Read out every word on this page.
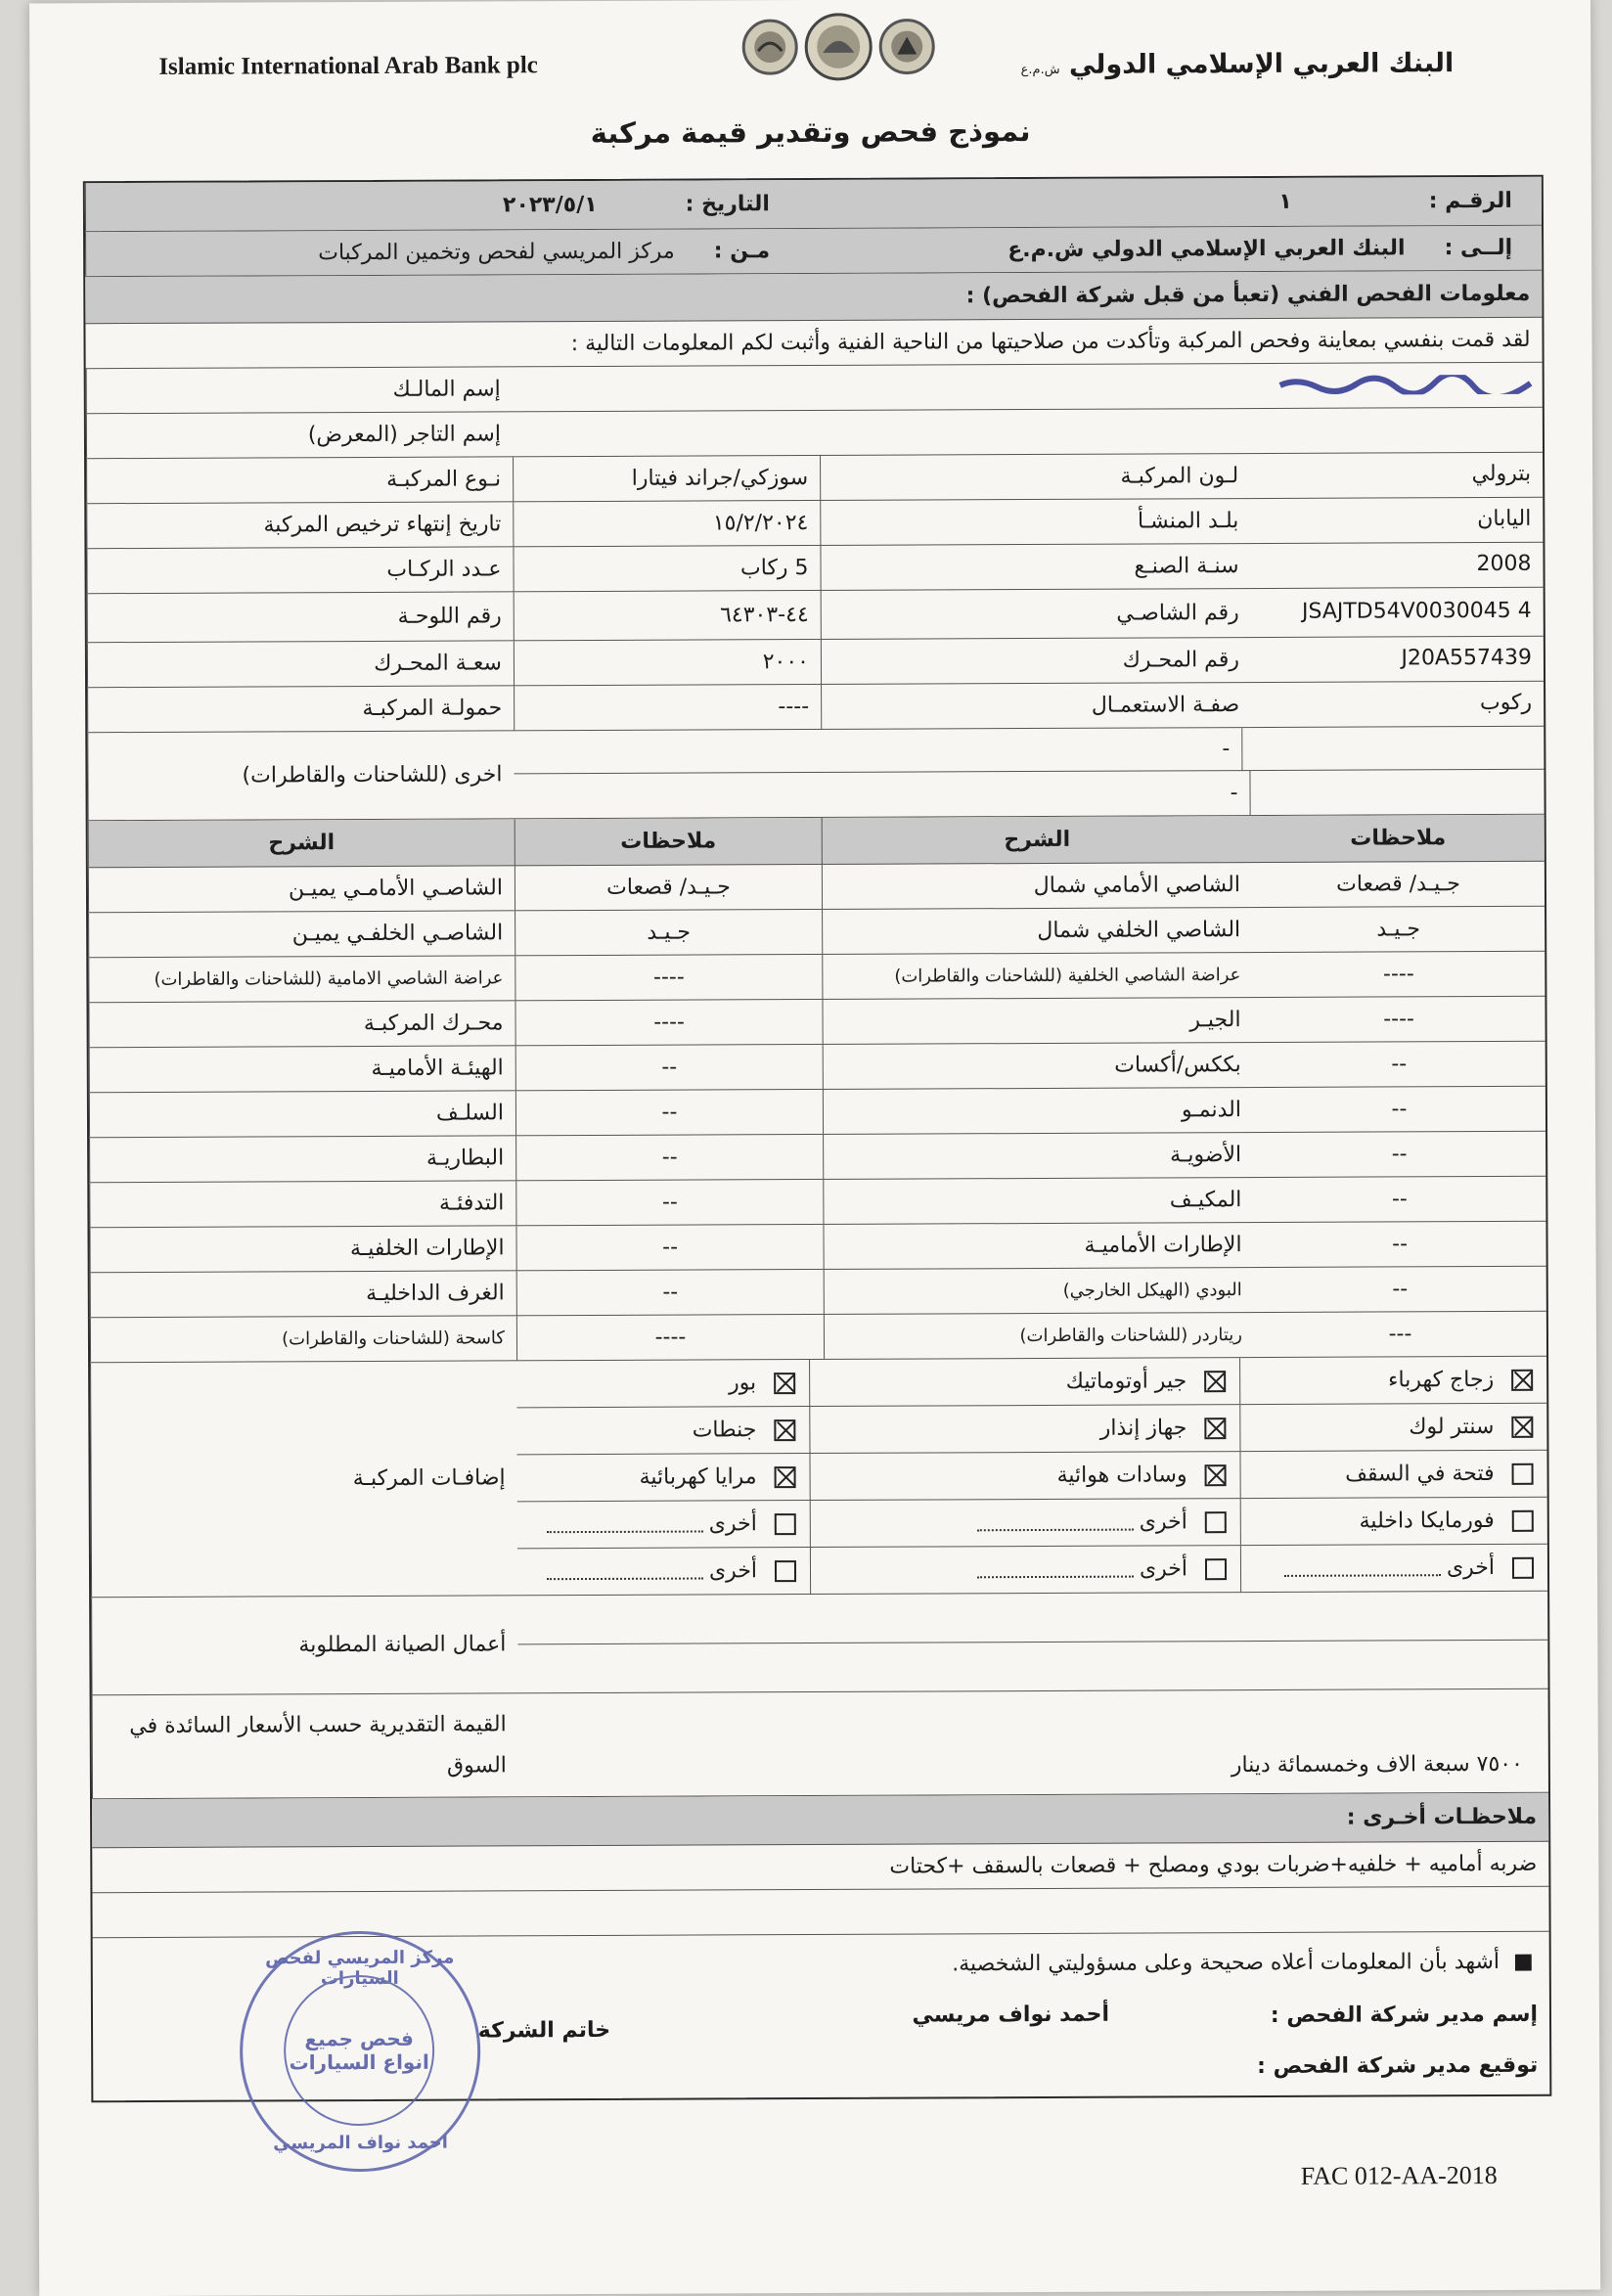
Islamic International Arab Bank plc	البنك العربي الإسلامي الدولي ش.م.ع
نموذج فحص وتقدير قيمة مركبة
التاريخ :
٢٠٢٣/٥/١	الرقـم :
١
مـن :
مركز المريسي لفحص وتخمين المركبات	إلــى :
البنك العربي الإسلامي الدولي ش.م.ع
معلومات الفحص الفني (تعبأ من قبل شركة الفحص) :
لقد قمت بنفسي بمعاينة وفحص المركبة وتأكدت من صلاحيتها من الناحية الفنية وأثبت لكم المعلومات التالية :
إسم المالـك
إسم التاجر (المعرض)
نـوع المركبـة	سوزكي/جراند فيتارا	لـون المركبـة	بترولي
تاريخ إنتهاء ترخيص المركبة	١٥/٢/٢٠٢٤	بلـد المنشـأ	اليابان
عـدد الركـاب	5 ركاب	سنـة الصنـع	2008
رقم اللوحـة	٤٤-٦٤٣٠٣	رقم الشاصـي	JSAJTD54V0030045 4
سعـة المحـرك	٢٠٠٠	رقم المحـرك	J20A557439
حمولـة المركبـة	----	صفـة الاستعمـال	ركوب
اخرى (للشاحنات والقاطرات)
-
-
الشرح	ملاحظات	الشرح	ملاحظات
الشاصـي الأمامـي يميـن	جـيـد/ قصعات	الشاصي الأمامي شمال	جـيـد/ قصعات
الشاصـي الخلفـي يميـن	جـيـد	الشاصي الخلفي شمال	جـيـد
عراضة الشاصي الامامية (للشاحنات والقاطرات)	----	عراضة الشاصي الخلفية (للشاحنات والقاطرات)	----
محـرك المركبـة	----	الجيـر	----
الهيئـة الأماميـة	--	بككس/أكسات	--
السلـف	--	الدنمـو	--
البطاريـة	--	الأضويـة	--
التدفئـة	--	المكيـف	--
الإطارات الخلفيـة	--	الإطارات الأماميـة	--
الغرف الداخليـة	--	البودي (الهيكل الخارجي)	--
كاسحة (للشاحنات والقاطرات)	----	ريتاردر (للشاحنات والقاطرات)	---
إضافـات المركبـة
زجاج كهرباء
جير أوتوماتيك
بور
سنتر لوك
جهاز إنذار
جنطات
فتحة في السقف
وسادات هوائية
مرايا كهربائية
فورمايكا داخلية
أخرى
أخرى
أخرى
أخرى
أخرى
أعمال الصيانة المطلوبة
القيمة التقديرية حسب الأسعار السائدة في السوق	٧٥٠٠ سبعة الاف وخمسمائة دينار
ملاحظـات أخـرى :
ضربه أماميه + خلفيه+ضربات بودي ومصلح + قصعات بالسقف +كحتات
■  أشهد بأن المعلومات أعلاه صحيحة وعلى مسؤوليتي الشخصية.
إسم مدير شركة الفحص :
أحمد نواف مريسي
خاتم الشركة
توقيع مدير شركة الفحص :
مركز المريسي لفحص السيارات
فحص جميع
انواع السيارات
احمد نواف المريسي
FAC 012-AA-2018
